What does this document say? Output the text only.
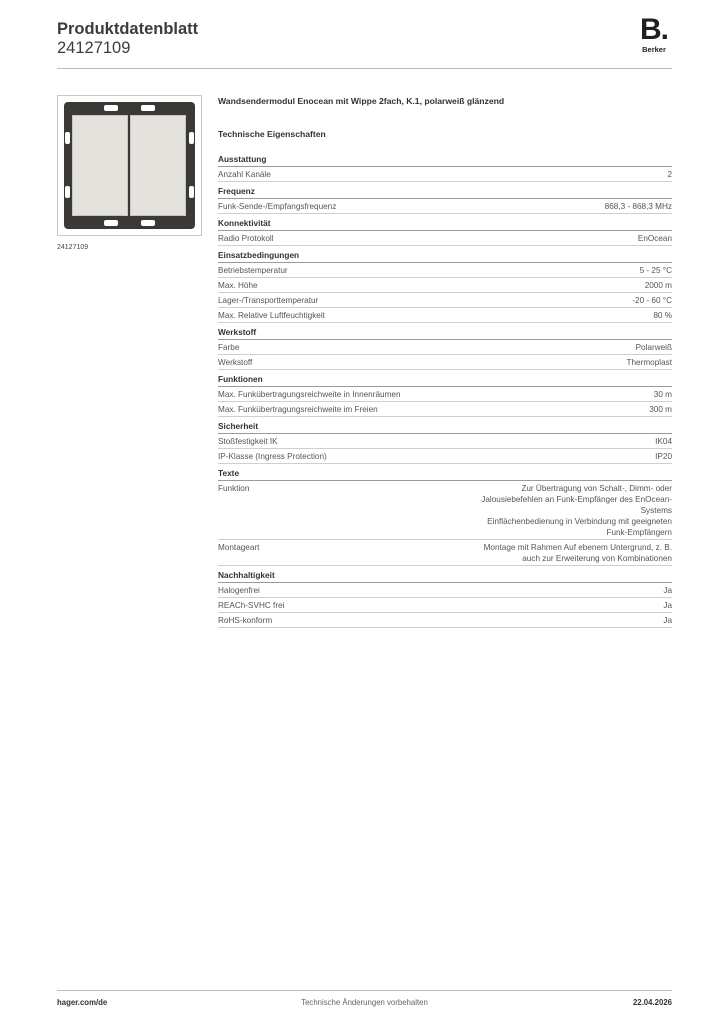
Produktdatenblatt
24127109
B.
Berker
24127109
Wandsendermodul Enocean mit Wippe 2fach, K.1, polarweiß glänzend
Technische Eigenschaften
Ausstattung
Anzahl Kanäle	2
Frequenz
Funk-Sende-/Empfangsfrequenz	868,3 - 868,3 MHz
Konnektivität
Radio Protokoll	EnOcean
Einsatzbedingungen
Betriebstemperatur	5 - 25 °C
Max. Höhe	2000 m
Lager-/Transporttemperatur	-20 - 60 °C
Max. Relative Luftfeuchtigkeit	80 %
Werkstoff
Farbe	Polarweiß
Werkstoff	Thermoplast
Funktionen
Max. Funkübertragungsreichweite in Innenräumen	30 m
Max. Funkübertragungsreichweite im Freien	300 m
Sicherheit
Stoßfestigkeit IK	IK04
IP-Klasse (Ingress Protection)	IP20
Texte
Funktion	Zur Übertragung von Schalt-, Dimm- oder
Jalousiebefehlen an Funk-Empfänger des EnOcean-
Systems
Einflächenbedienung in Verbindung mit geeigneten
Funk-Empfängern
Montageart	Montage mit Rahmen Auf ebenem Untergrund, z. B.
auch zur Erweiterung von Kombinationen
Nachhaltigkeit
Halogenfrei	Ja
REACh-SVHC frei	Ja
RoHS-konform	Ja
hager.com/de	Technische Änderungen vorbehalten	22.04.2026
